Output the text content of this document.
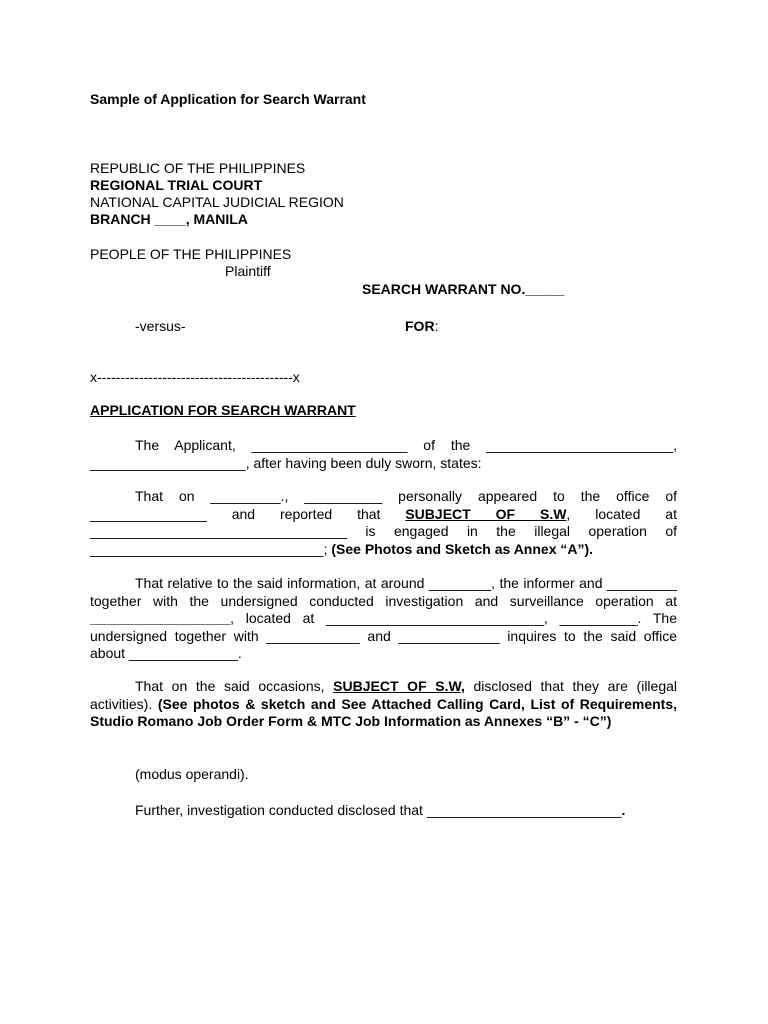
Sample of Application for Search Warrant
REPUBLIC OF THE PHILIPPINES
REGIONAL TRIAL COURT
NATIONAL CAPITAL JUDICIAL REGION
BRANCH ____, MANILA
PEOPLE OF THE PHILIPPINES
Plaintiff
SEARCH WARRANT NO._____
-versus-	FOR:
x------------------------------------------x
APPLICATION FOR SEARCH WARRANT
The Applicant, ____________________ of the ________________________, ____________________, after having been duly sworn, states:
That on _________., __________ personally appeared to the office of _______________ and reported that SUBJECT OF S.W, located at _________________________________ is engaged in the illegal operation of ______________________________; (See Photos and Sketch as Annex “A”).
That relative to the said information, at around ________, the informer and _________ together with the undersigned conducted investigation and surveillance operation at __________________, located at ____________________________, __________. The undersigned together with ____________ and _____________ inquires to the said office about ______________.
That on the said occasions, SUBJECT OF S.W, disclosed that they are (illegal activities). (See photos & sketch and See Attached Calling Card, List of Requirements, Studio Romano Job Order Form & MTC Job Information as Annexes “B” - “C”)
(modus operandi).
Further, investigation conducted disclosed that _________________________.
